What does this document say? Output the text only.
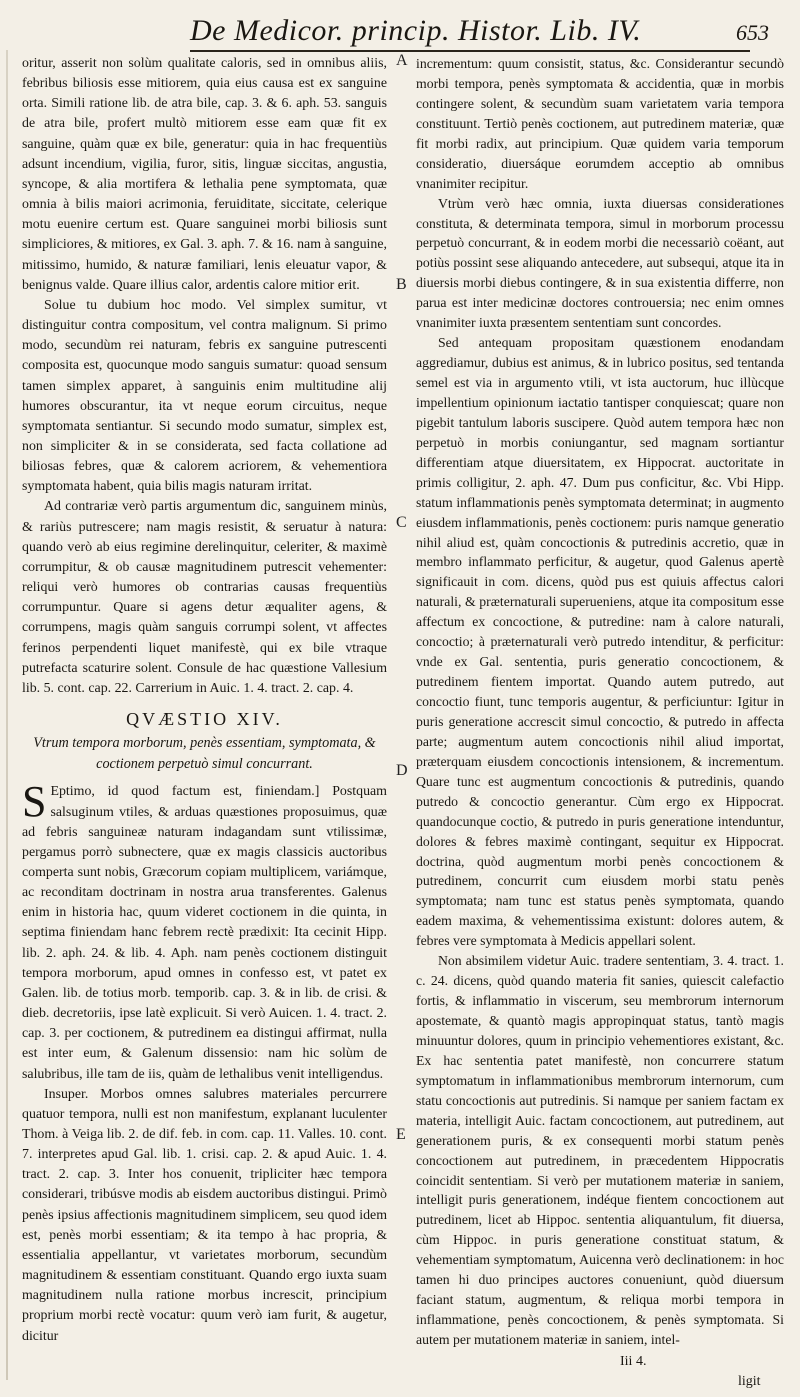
De Medicor. princip. Histor. Lib. IV.	653
A
B
C
D
E

oritur, asserit non solùm qualitate caloris, sed in omnibus aliis, febribus biliosis esse mitiorem, quia eius causa est ex sanguine orta. Simili ratione lib. de atra bile, cap. 3. & 6. aph. 53. sanguis de atra bile, profert multò mitiorem esse eam quæ fit ex sanguine, quàm quæ ex bile, generatur: quia in hac frequentiùs adsunt incendium, vigilia, furor, sitis, linguæ siccitas, angustia, syncope, & alia mortifera & lethalia pene symptomata, quæ omnia à bilis maiori acrimonia, feruiditate, siccitate, celerique motu euenire certum est. Quare sanguinei morbi biliosis sunt simpliciores, & mitiores, ex Gal. 3. aph. 7. & 16. nam à sanguine, mitissimo, humido, & naturæ familiari, lenis eleuatur vapor, & benignus valde. Quare illius calor, ardentis calore mitior erit.

Solue tu dubium hoc modo. Vel simplex sumitur, vt distinguitur contra compositum, vel contra malignum. Si primo modo, secundùm rei naturam, febris ex sanguine putrescenti composita est, quocunque modo sanguis sumatur: quoad sensum tamen simplex apparet, à sanguinis enim multitudine alij humores obscurantur, ita vt neque eorum circuitus, neque symptomata sentiantur. Si secundo modo sumatur, simplex est, non simpliciter & in se considerata, sed facta collatione ad biliosas febres, quæ & calorem acriorem, & vehementiora symptomata habent, quia bilis magis naturam irritat.

Ad contrariæ verò partis argumentum dic, sanguinem minùs, & rariùs putrescere; nam magis resistit, & seruatur à natura: quando verò ab eius regimine derelinquitur, celeriter, & maximè corrumpitur, & ob causæ magnitudinem putrescit vehementer: reliqui verò humores ob contrarias causas frequentiùs corrumpuntur. Quare si agens detur æqualiter agens, & corrumpens, magis quàm sanguis corrumpi solent, vt affectes ferinos perpendenti liquet manifestè, qui ex bile vtraque putrefacta scaturire solent. Consule de hac quæstione Vallesium lib. 5. cont. cap. 22. Carrerium in Auic. 1. 4. tract. 2. cap. 4.

QVÆSTIO XIV.
Vtrum tempora morborum, penès essentiam, symptomata, & coctionem perpetuò simul concurrant.

S Eptimo, id quod factum est, finiendam.] Postquam salsuginum vtiles, & arduas quæstiones proposuimus, quæ ad febris sanguineæ naturam indagandam sunt vtilissimæ, pergamus porrò subnectere, quæ ex magis classicis auctoribus comperta sunt nobis, Græcorum copiam multiplicem, variámque, ac reconditam doctrinam in nostra arua transferentes. Galenus enim in historia hac, quum videret coctionem in die quinta, in septima finiendam hanc febrem rectè prædixit: Ita cecinit Hipp. lib. 2. aph. 24. & lib. 4. Aph. nam penès coctionem distinguit tempora morborum, apud omnes in confesso est, vt patet ex Galen. lib. de totius morb. temporib. cap. 3. & in lib. de crisi. & dieb. decretoriis, ipse latè explicuit. Si verò Auicen. 1. 4. tract. 2. cap. 3. per coctionem, & putredinem ea distingui affirmat, nulla est inter eum, & Galenum dissensio: nam hic solùm de salubribus, ille tam de iis, quàm de lethalibus venit intelligendus.

Insuper. Morbos omnes salubres materiales percurrere quatuor tempora, nulli est non manifestum, explanant luculenter Thom. à Veiga lib. 2. de dif. feb. in com. cap. 11. Valles. 10. cont. 7. interpretes apud Gal. lib. 1. crisi. cap. 2. & apud Auic. 1. 4. tract. 2. cap. 3. Inter hos conuenit, tripliciter hæc tempora considerari, tribúsve modis ab eisdem auctoribus distingui. Primò penès ipsius affectionis magnitudinem simplicem, seu quod idem est, penès morbi essentiam; & ita tempo à hac propria, & essentialia appellantur, vt varietates morborum, secundùm magnitudinem & essentiam constituant. Quando ergo iuxta suam magnitudinem nulla ratione morbus increscit, principium proprium morbi rectè vocatur: quum verò iam furit, & augetur, dicitur

incrementum: quum consistit, status, &c. Considerantur secundò morbi tempora, penès symptomata & accidentia, quæ in morbis contingere solent, & secundùm suam varietatem varia tempora constituunt. Tertiò penès coctionem, aut putredinem materiæ, quæ fit morbi radix, aut principium. Quæ quidem varia temporum consideratio, diuersáque eorumdem acceptio ab omnibus vnanimiter recipitur.

Vtrùm verò hæc omnia, iuxta diuersas considerationes constituta, & determinata tempora, simul in morborum processu perpetuò concurrant, & in eodem morbi die necessariò coëant, aut potiùs possint sese aliquando antecedere, aut subsequi, atque ita in diuersis morbi diebus contingere, & in sua existentia differre, non parua est inter medicinæ doctores controuersia; nec enim omnes vnanimiter iuxta præsentem sententiam sunt concordes.

Sed antequam propositam quæstionem enodandam aggrediamur, dubius est animus, & in lubrico positus, sed tentanda semel est via in argumento vtili, vt ista auctorum, huc illùcque impellentium opinionum iactatio tantisper conquiescat; quare non pigebit tantulum laboris suscipere. Quòd autem tempora hæc non perpetuò in morbis coniungantur, sed magnam sortiantur differentiam atque diuersitatem, ex Hippocrat. auctoritate in primis colligitur, 2. aph. 47. Dum pus conficitur, &c. Vbi Hipp. statum inflammationis penès symptomata determinat; in augmento eiusdem inflammationis, penès coctionem: puris namque generatio nihil aliud est, quàm concoctionis & putredinis accretio, quæ in membro inflammato perficitur, & augetur, quod Galenus apertè significauit in com. dicens, quòd pus est quiuis affectus calori naturali, & præternaturali superueniens, atque ita compositum esse affectum ex concoctione, & putredine: nam à calore naturali, concoctio; à præternaturali verò putredo intenditur, & perficitur: vnde ex Gal. sententia, puris generatio concoctionem, & putredinem fientem importat. Quando autem putredo, aut concoctio fiunt, tunc temporis augentur, & perficiuntur: Igitur in puris generatione accrescit simul concoctio, & putredo in affecta parte; augmentum autem concoctionis nihil aliud importat, præterquam eiusdem concoctionis intensionem, & incrementum. Quare tunc est augmentum concoctionis & putredinis, quando putredo & concoctio generantur. Cùm ergo ex Hippocrat. quandocunque coctio, & putredo in puris generatione intenduntur, dolores & febres maximè contingant, sequitur ex Hippocrat. doctrina, quòd augmentum morbi penès concoctionem & putredinem, concurrit cum eiusdem morbi statu penès symptomata; nam tunc est status penès symptomata, quando eadem maxima, & vehementissima existunt: dolores autem, & febres vere symptomata à Medicis appellari solent.

Non absimilem videtur Auic. tradere sententiam, 3. 4. tract. 1. c. 24. dicens, quòd quando materia fit sanies, quiescit calefactio fortis, & inflammatio in viscerum, seu membrorum internorum apostemate, & quantò magis appropinquat status, tantò magis minuuntur dolores, quum in principio vehementiores existant, &c. Ex hac sententia patet manifestè, non concurrere statum symptomatum in inflammationibus membrorum internorum, cum statu concoctionis aut putredinis. Si namque per saniem factam ex materia, intelligit Auic. factam concoctionem, aut putredinem, aut generationem puris, & ex consequenti morbi statum penès concoctionem aut putredinem, in præcedentem Hippocratis coincidit sententiam. Si verò per mutationem materiæ in saniem, intelligit puris generationem, indéque fientem concoctionem aut putredinem, licet ab Hippoc. sententia aliquantulum, fit diuersa, cùm Hippoc. in puris generatione constituat statum, & vehementiam symptomatum, Auicenna verò declinationem: in hoc tamen hi duo principes auctores conueniunt, quòd diuersum faciant statum, augmentum, & reliqua morbi tempora in inflammatione, penès concoctionem, & penès symptomata. Si autem per mutationem materiæ in saniem, intel-

Iii 4.
ligit
